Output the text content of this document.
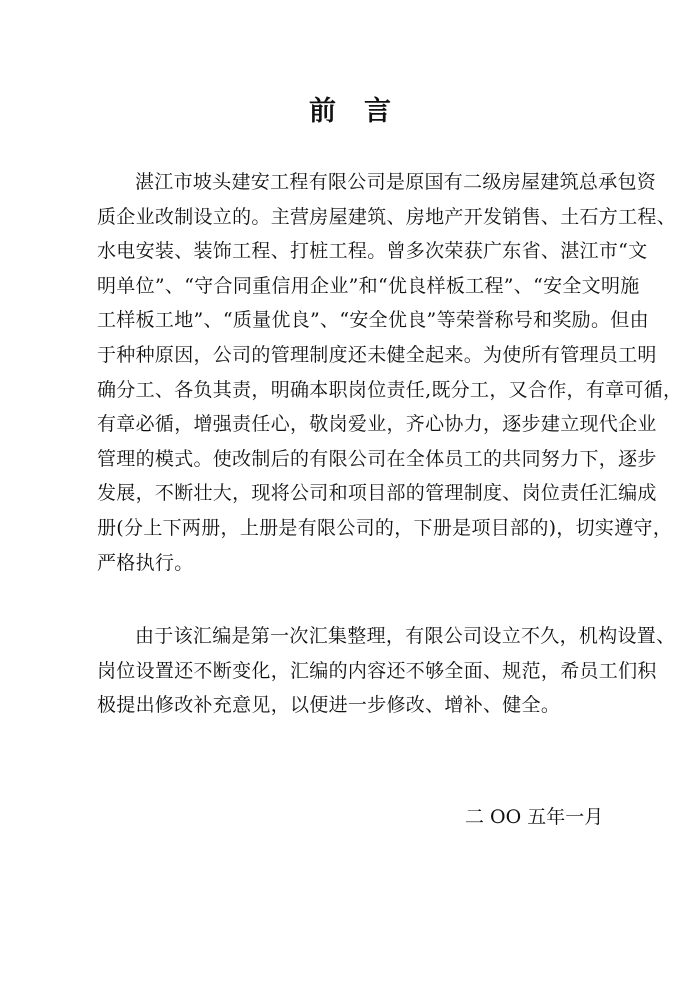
前言
湛江市坡头建安工程有限公司是原国有二级房屋建筑总承包资
质企业改制设立的。主营房屋建筑、房地产开发销售、土石方工程、
水电安装、装饰工程、打桩工程。曾多次荣获广东省、湛江市“文
明单位”、“守合同重信用企业”和“优良样板工程”、“安全文明施
工样板工地”、“质量优良”、“安全优良”等荣誉称号和奖励。但由
于种种原因，公司的管理制度还未健全起来。为使所有管理员工明
确分工、各负其责，明确本职岗位责任,既分工，又合作，有章可循，
有章必循，增强责任心，敬岗爱业，齐心协力，逐步建立现代企业
管理的模式。使改制后的有限公司在全体员工的共同努力下，逐步
发展，不断壮大，现将公司和项目部的管理制度、岗位责任汇编成
册(分上下两册，上册是有限公司的，下册是项目部的)，切实遵守，
严格执行。
由于该汇编是第一次汇集整理，有限公司设立不久，机构设置、
岗位设置还不断变化，汇编的内容还不够全面、规范，希员工们积
极提出修改补充意见，以便进一步修改、增补、健全。
二 OO 五年一月
